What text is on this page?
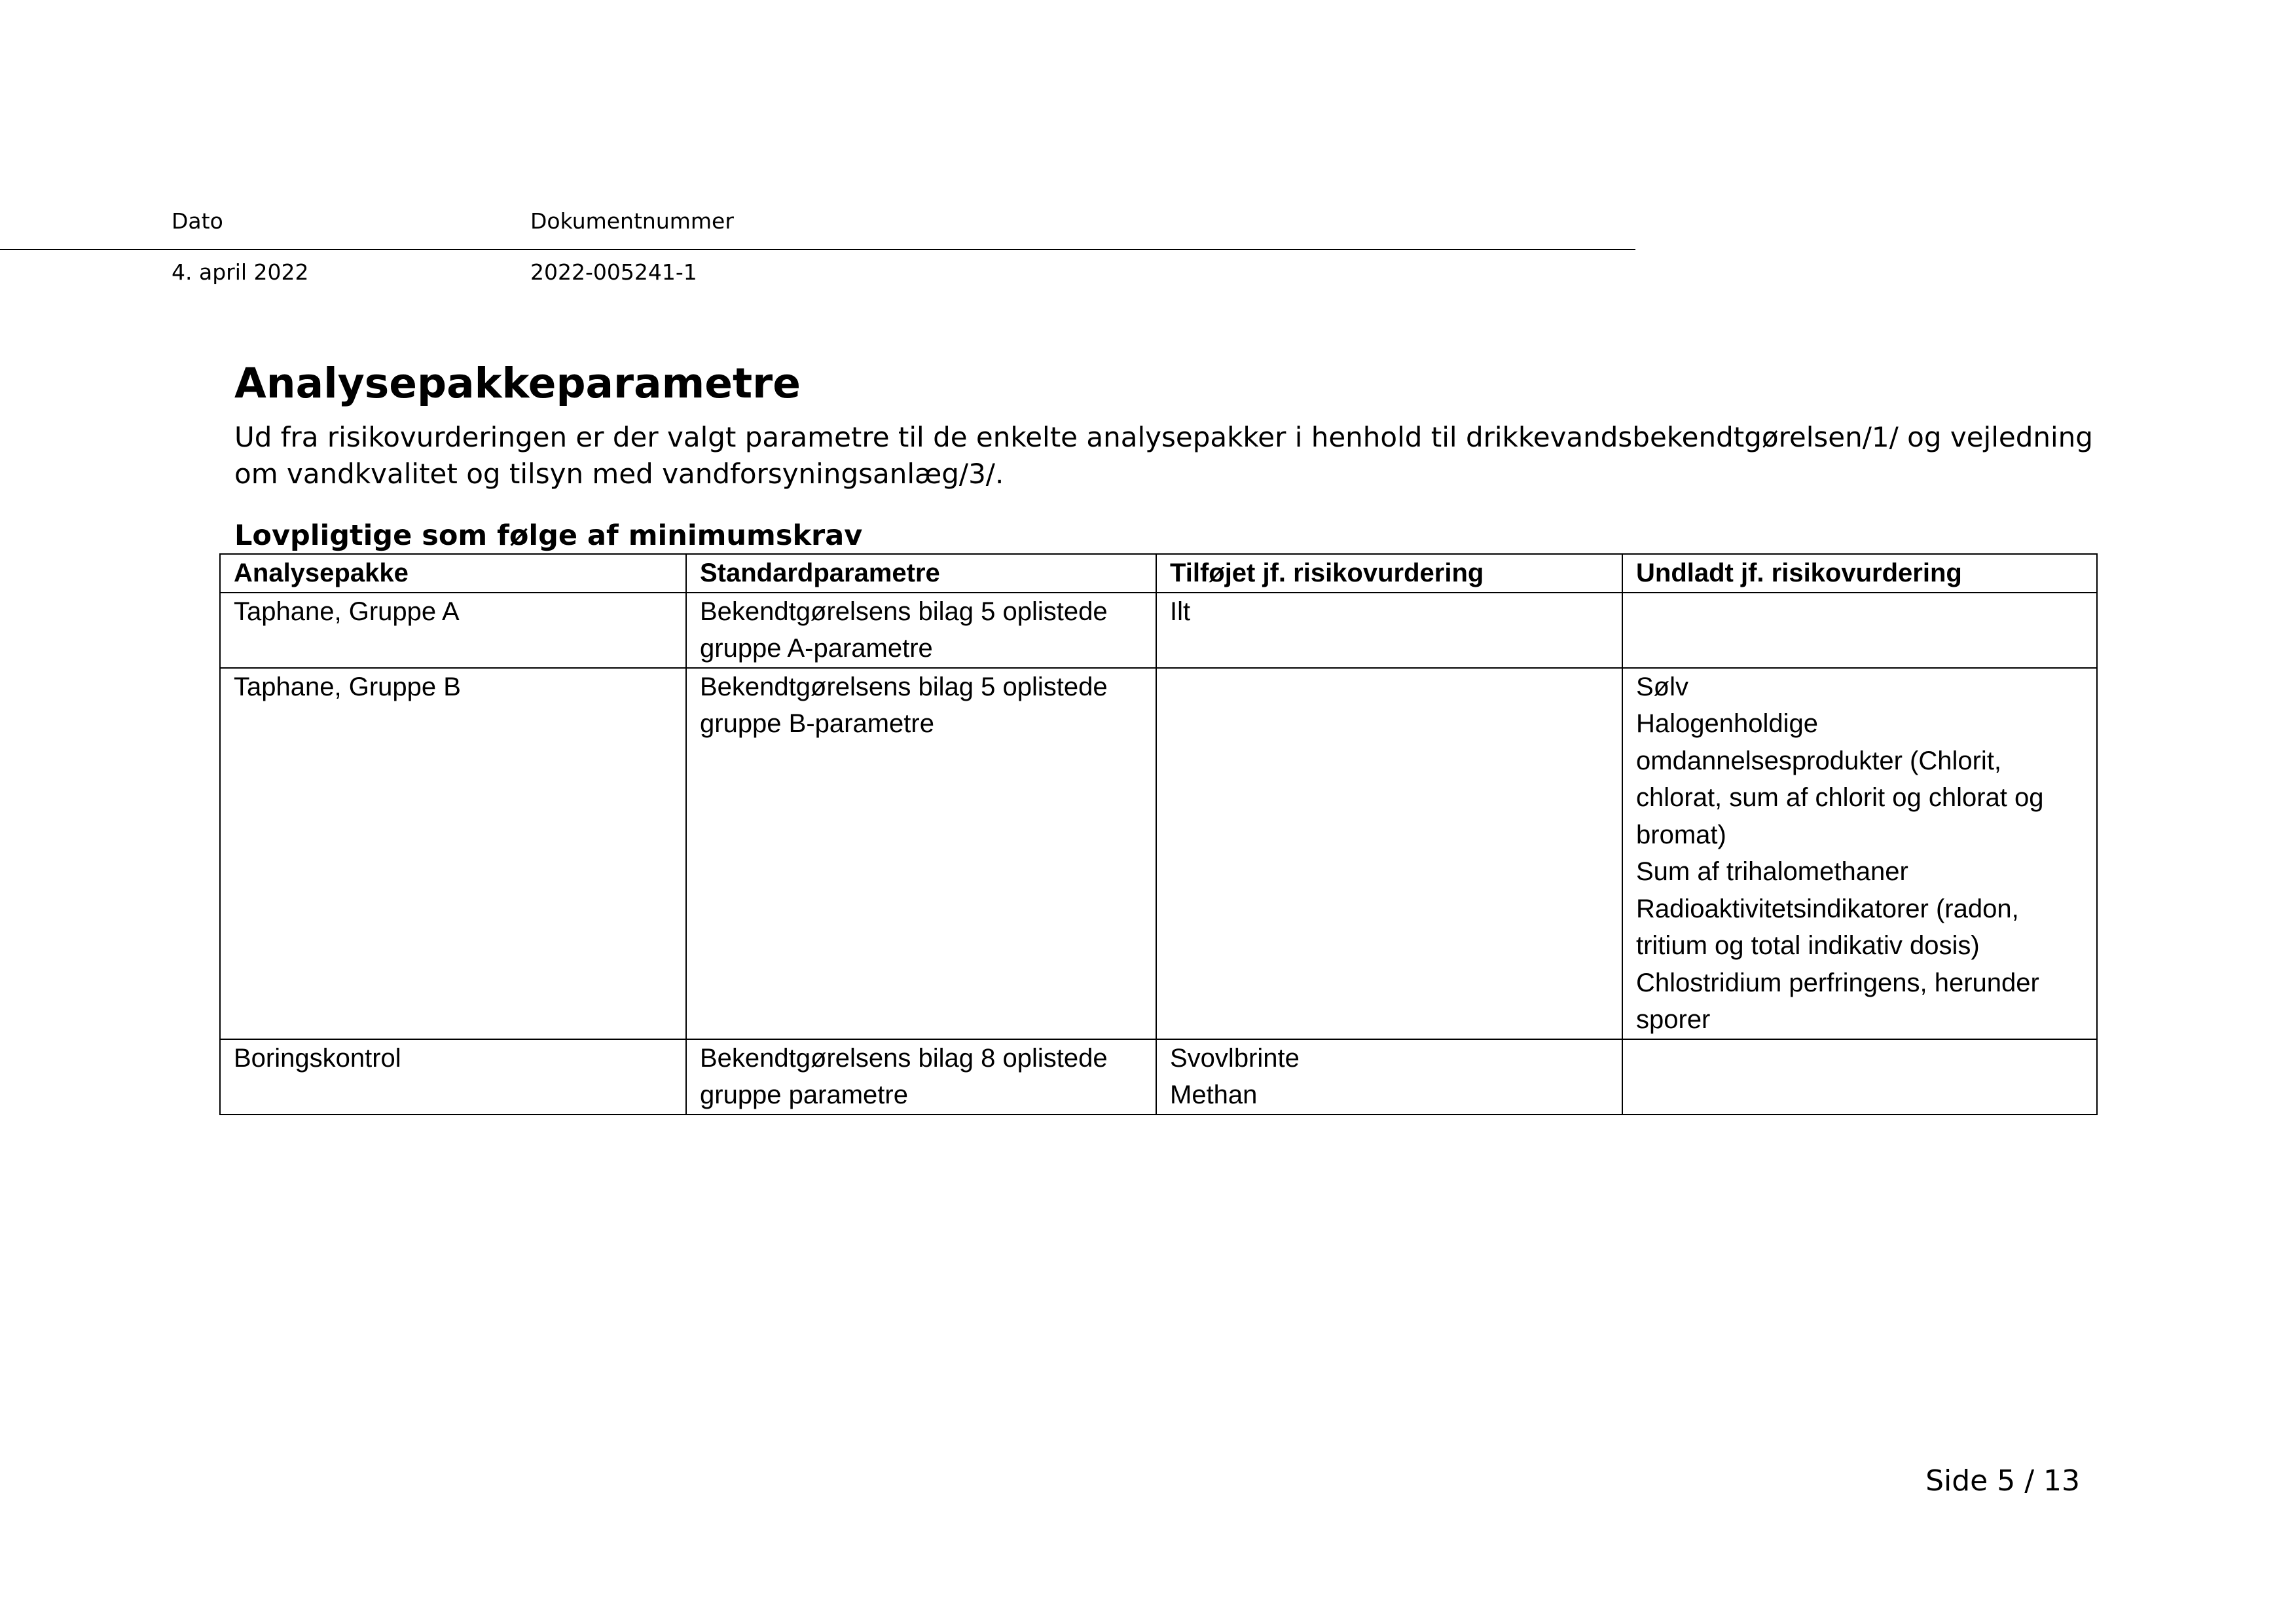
Dato	Dokumentnummer
4. april 2022	2022-005241-1
Analysepakkeparametre

Ud fra risikovurderingen er der valgt parametre til de enkelte analysepakker i henhold til drikkevandsbekendtgørelsen/1/ og vejledning om vandkvalitet og tilsyn med vandforsyningsanlæg/3/.

Lovpligtige som følge af minimumskrav
Analysepakke	Standardparametre	Tilføjet jf. risikovurdering	Undladt jf. risikovurdering
Taphane, Gruppe A	Bekendtgørelsens bilag 5 oplistede gruppe A-parametre	Ilt	

Taphane, Gruppe B	Bekendtgørelsens bilag 5 oplistede gruppe B-parametre		Sølv
Halogenholdige omdannelsesprodukter (Chlorit, chlorat, sum af chlorit og chlorat og bromat)
Sum af trihalomethaner
Radioaktivitetsindikatorer (radon, tritium og total indikativ dosis)
Chlostridium perfringens, herunder sporer

Boringskontrol	Bekendtgørelsens bilag 8 oplistede gruppe parametre	Svovlbrinte
Methan	

Side 5 / 13
